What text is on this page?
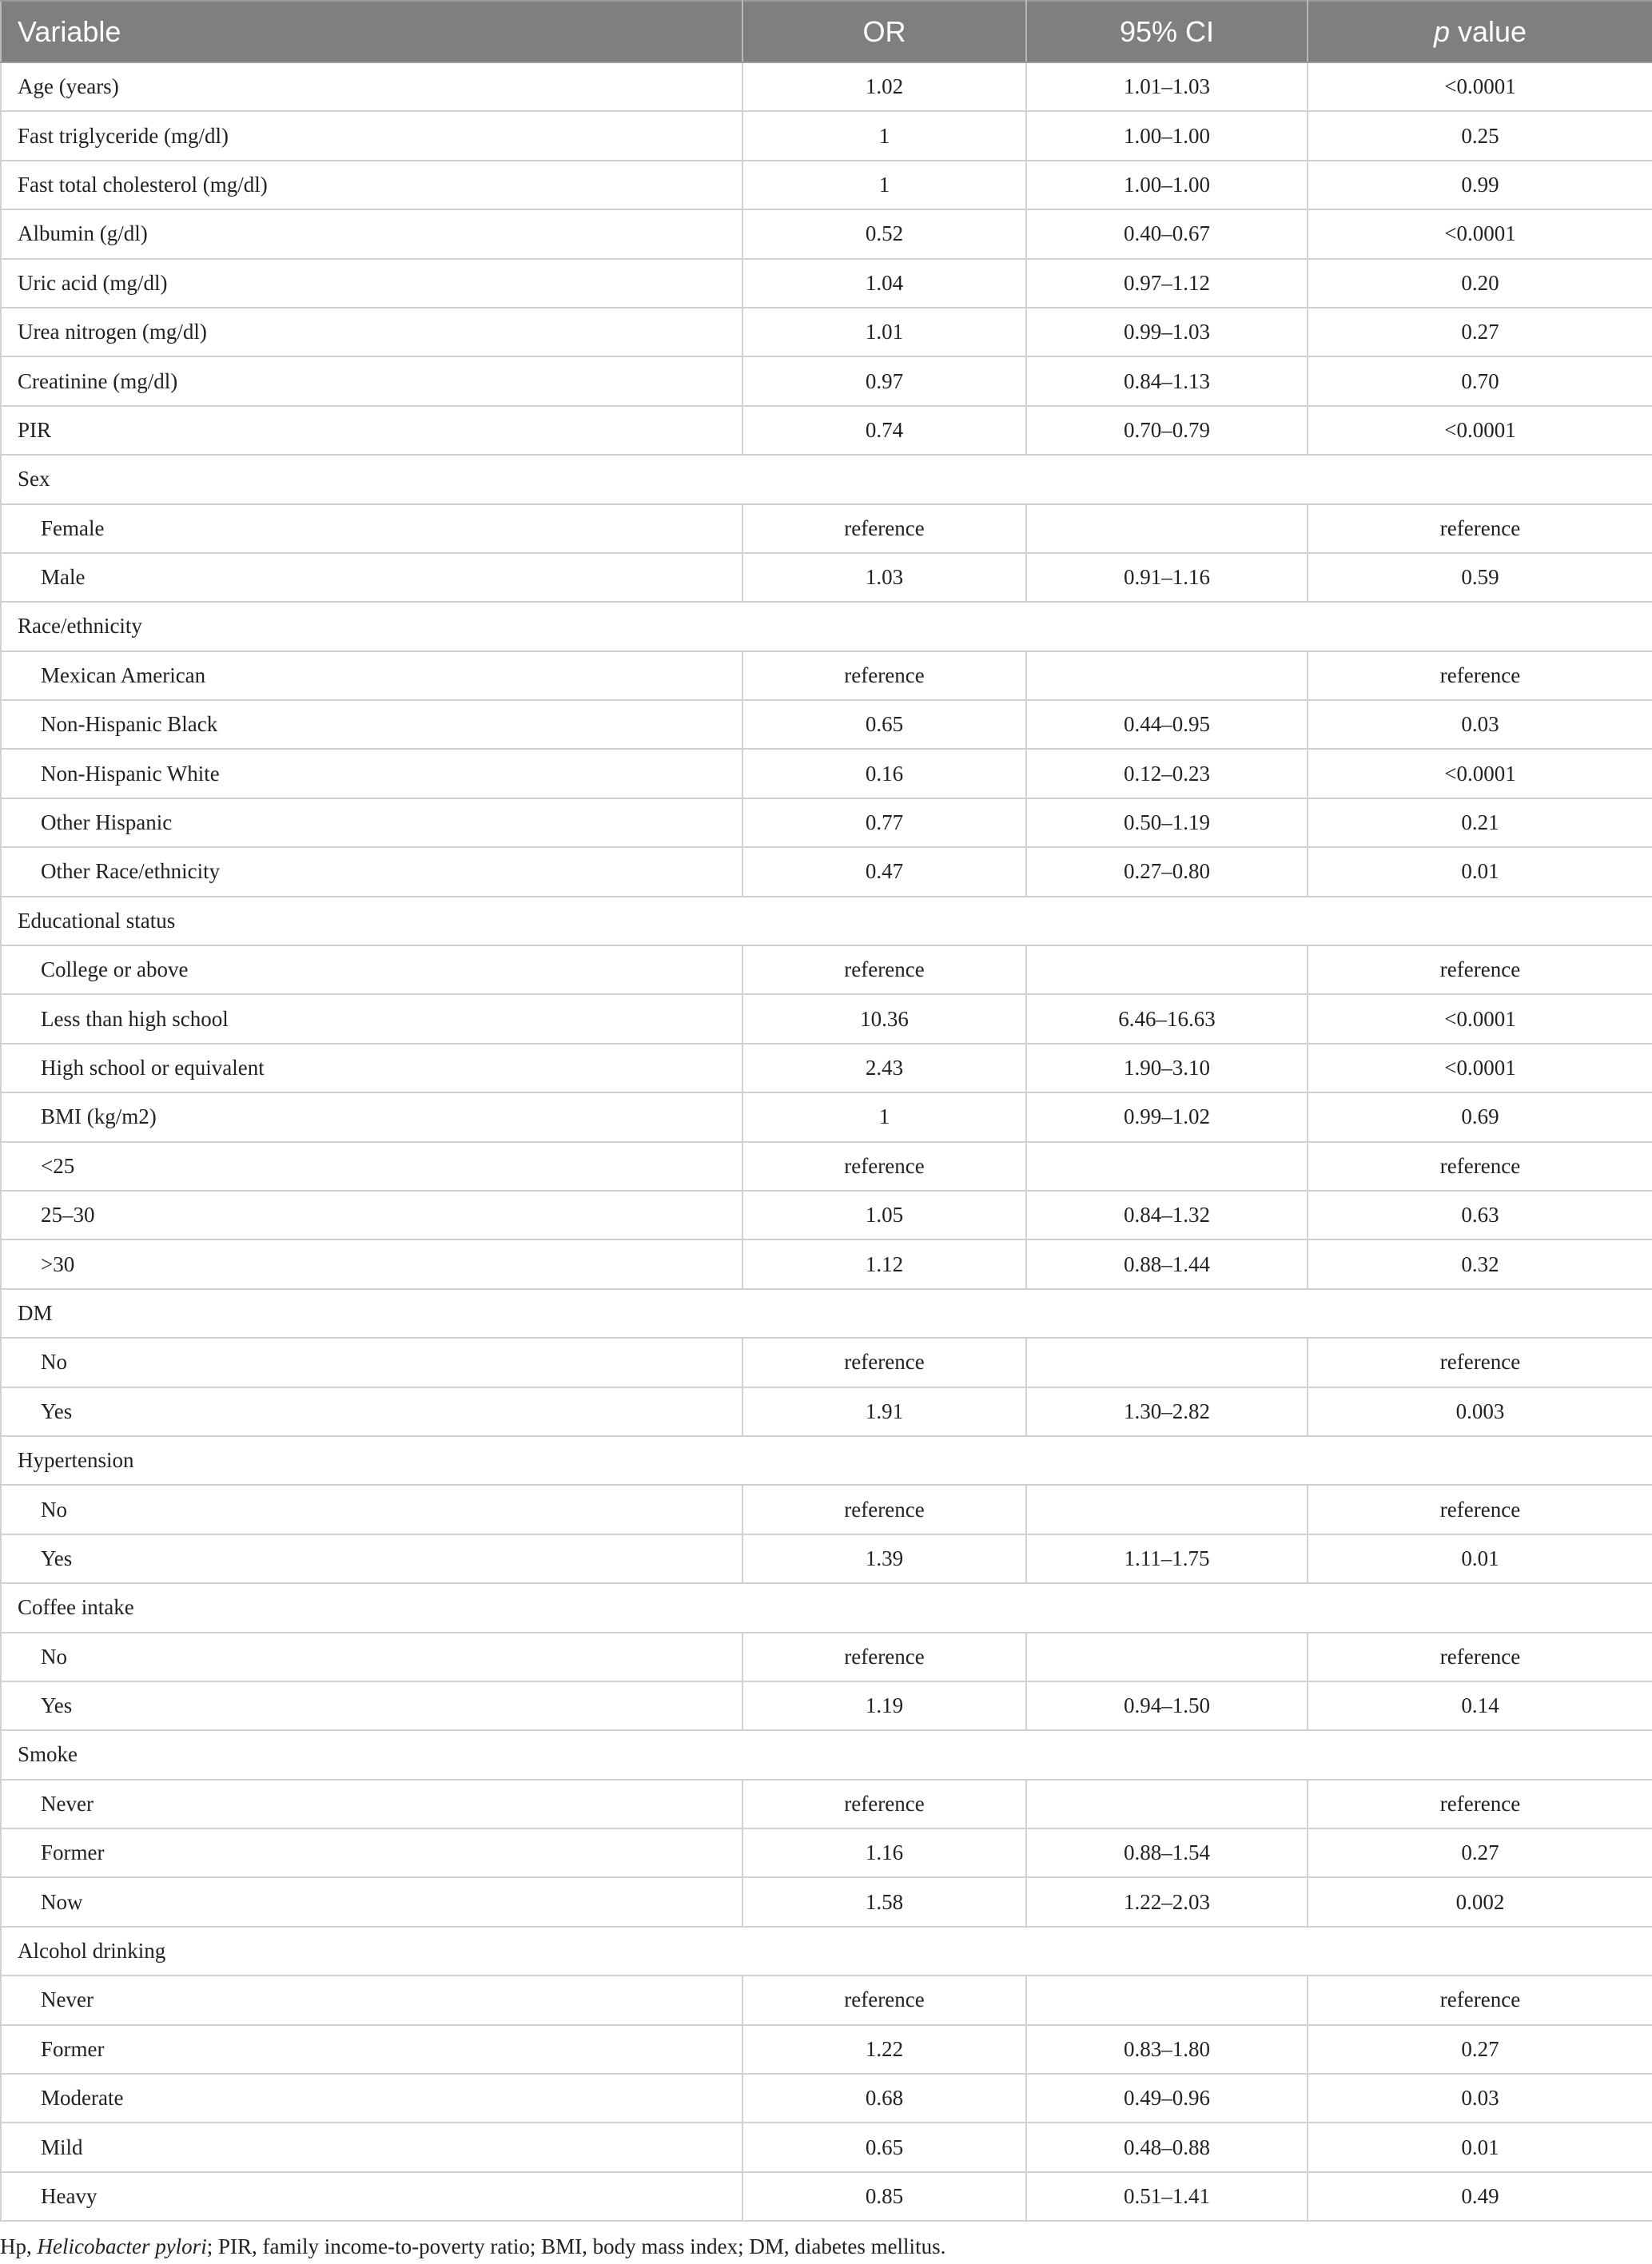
Variable	OR	95% CI	p value
Age (years)	1.02	1.01–1.03	<0.0001
Fast triglyceride (mg/dl)	1	1.00–1.00	0.25
Fast total cholesterol (mg/dl)	1	1.00–1.00	0.99
Albumin (g/dl)	0.52	0.40–0.67	<0.0001
Uric acid (mg/dl)	1.04	0.97–1.12	0.20
Urea nitrogen (mg/dl)	1.01	0.99–1.03	0.27
Creatinine (mg/dl)	0.97	0.84–1.13	0.70
PIR	0.74	0.70–0.79	<0.0001
Sex			
Female	reference		reference
Male	1.03	0.91–1.16	0.59
Race/ethnicity			
Mexican American	reference		reference
Non-Hispanic Black	0.65	0.44–0.95	0.03
Non-Hispanic White	0.16	0.12–0.23	<0.0001
Other Hispanic	0.77	0.50–1.19	0.21
Other Race/ethnicity	0.47	0.27–0.80	0.01
Educational status			
College or above	reference		reference
Less than high school	10.36	6.46–16.63	<0.0001
High school or equivalent	2.43	1.90–3.10	<0.0001
BMI (kg/m2)	1	0.99–1.02	0.69
<25	reference		reference
25–30	1.05	0.84–1.32	0.63
>30	1.12	0.88–1.44	0.32
DM			
No	reference		reference
Yes	1.91	1.30–2.82	0.003
Hypertension			
No	reference		reference
Yes	1.39	1.11–1.75	0.01
Coffee intake			
No	reference		reference
Yes	1.19	0.94–1.50	0.14
Smoke			
Never	reference		reference
Former	1.16	0.88–1.54	0.27
Now	1.58	1.22–2.03	0.002
Alcohol drinking			
Never	reference		reference
Former	1.22	0.83–1.80	0.27
Moderate	0.68	0.49–0.96	0.03
Mild	0.65	0.48–0.88	0.01
Heavy	0.85	0.51–1.41	0.49
Hp, Helicobacter pylori; PIR, family income-to-poverty ratio; BMI, body mass index; DM, diabetes mellitus.
